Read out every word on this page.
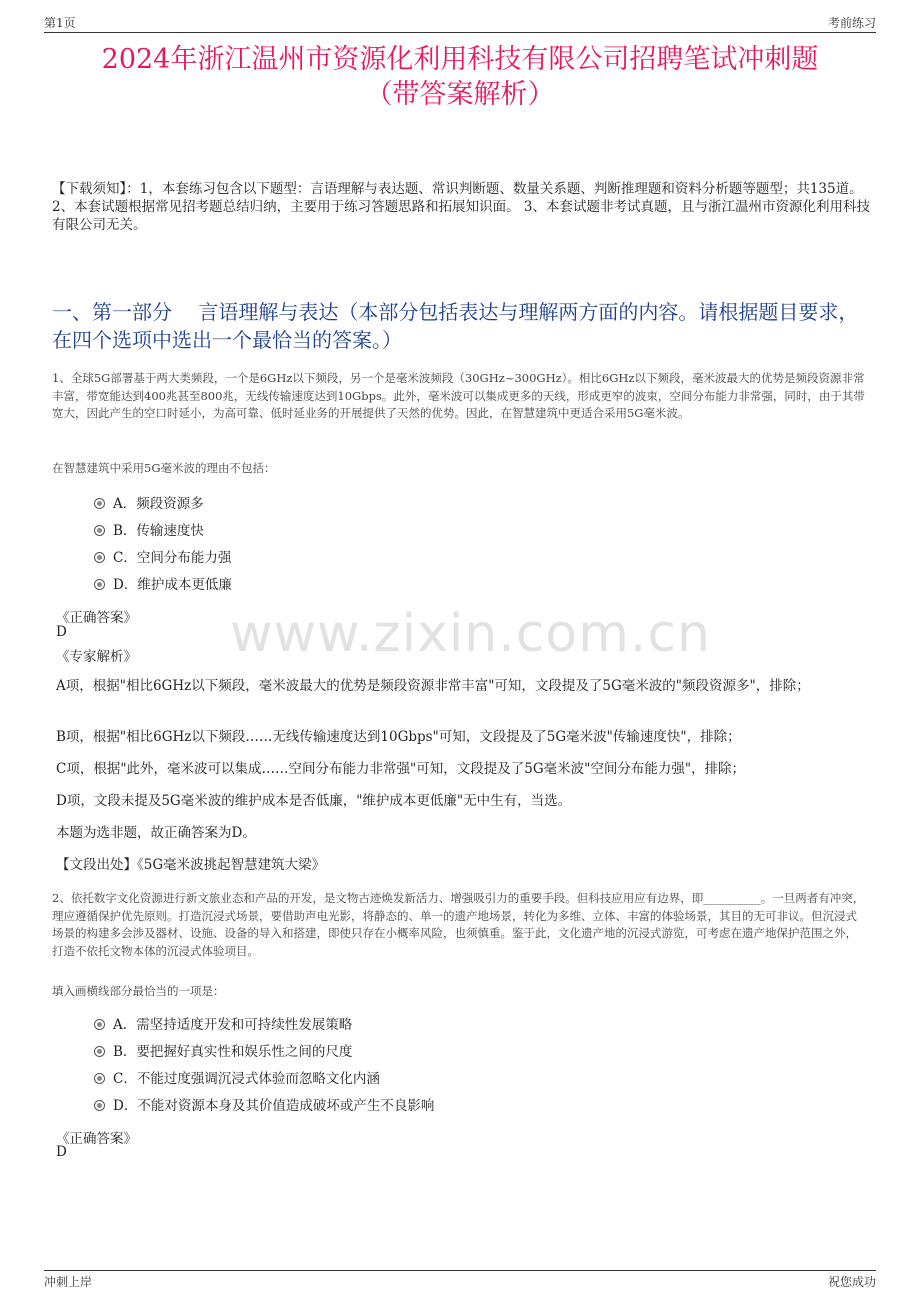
第1页	考前练习
2024年浙江温州市资源化利用科技有限公司招聘笔试冲刺题
（带答案解析）
【下载须知】：1，本套练习包含以下题型：言语理解与表达题、常识判断题、数量关系题、判断推理题和资料分析题等题型；共135道。 2、本套试题根据常见招考题总结归纳，主要用于练习答题思路和拓展知识面。 3、本套试题非考试真题，且与浙江温州市资源化利用科技有限公司无关。
一、第一部分　 言语理解与表达（本部分包括表达与理解两方面的内容。请根据题目要求，在四个选项中选出一个最恰当的答案。）
1、全球5G部署基于两大类频段，一个是6GHz以下频段，另一个是毫米波频段（30GHz~300GHz）。相比6GHz以下频段，毫米波最大的优势是频段资源非常丰富，带宽能达到400兆甚至800兆，无线传输速度达到10Gbps。此外，毫米波可以集成更多的天线，形成更窄的波束，空间分布能力非常强，同时，由于其带宽大，因此产生的空口时延小，为高可靠、低时延业务的开展提供了天然的优势。因此，在智慧建筑中更适合采用5G毫米波。
在智慧建筑中采用5G毫米波的理由不包括：
A．频段资源多
B．传输速度快
C．空间分布能力强
D．维护成本更低廉
www.zixin.com.cn
《正确答案》
D
《专家解析》
A项，根据"相比6GHz以下频段，毫米波最大的优势是频段资源非常丰富"可知，文段提及了5G毫米波的"频段资源多"，排除；
B项，根据"相比6GHz以下频段……无线传输速度达到10Gbps"可知，文段提及了5G毫米波"传输速度快"，排除；
C项，根据"此外，毫米波可以集成……空间分布能力非常强"可知，文段提及了5G毫米波"空间分布能力强"，排除；
D项，文段未提及5G毫米波的维护成本是否低廉，"维护成本更低廉"无中生有，当选。
本题为选非题，故正确答案为D。
【文段出处】《5G毫米波挑起智慧建筑大梁》
2、依托数字文化资源进行新文旅业态和产品的开发，是文物古迹焕发新活力、增强吸引力的重要手段。但科技应用应有边界，即__________。一旦两者有冲突，理应遵循保护优先原则。打造沉浸式场景，要借助声电光影，将静态的、单一的遗产地场景，转化为多维、立体、丰富的体验场景，其目的无可非议。但沉浸式场景的构建多会涉及器材、设施、设备的导入和搭建，即使只存在小概率风险，也须慎重。鉴于此，文化遗产地的沉浸式游览，可考虑在遗产地保护范围之外，打造不依托文物本体的沉浸式体验项目。
填入画横线部分最恰当的一项是：
A．需坚持适度开发和可持续性发展策略
B．要把握好真实性和娱乐性之间的尺度
C．不能过度强调沉浸式体验而忽略文化内涵
D．不能对资源本身及其价值造成破坏或产生不良影响
《正确答案》
D
冲刺上岸	祝您成功
